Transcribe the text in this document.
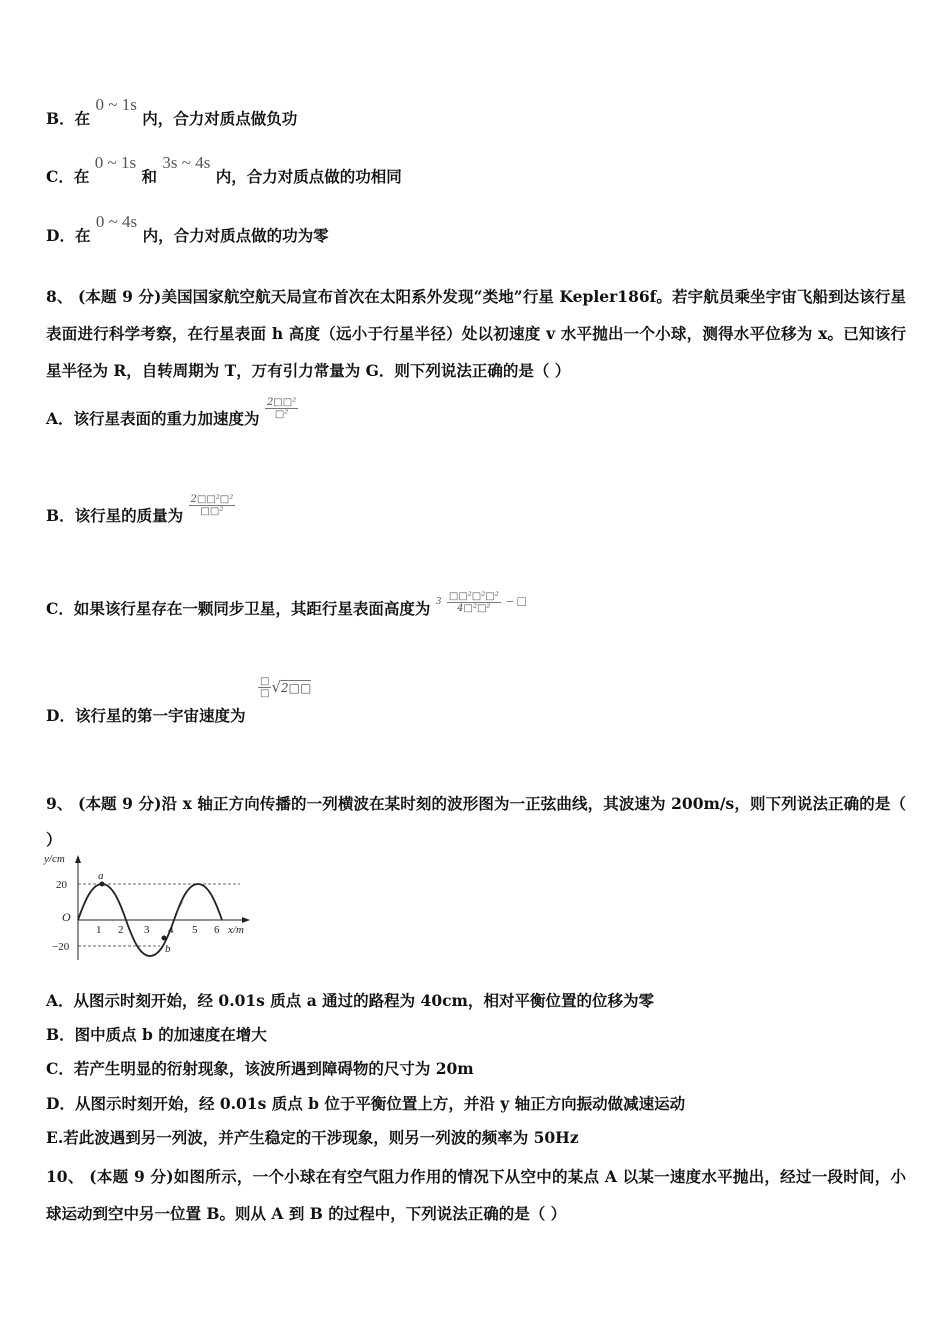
B．在 0 ~ 1s 内，合力对质点做负功
C．在 0 ~ 1s 和 3s ~ 4s 内，合力对质点做的功相同
D．在 0 ~ 4s 内，合力对质点做的功为零
8、 (本题 9 分)美国国家航空航天局宣布首次在太阳系外发现“类地”行星 Kepler186f。若宇航员乘坐宇宙飞船到达该行星表面进行科学考察，在行星表面 h 高度（远小于行星半径）处以初速度 v 水平抛出一个小球，测得水平位移为 x。已知该行星半径为 R，自转周期为 T，万有引力常量为 G．则下列说法正确的是（ ）
A．该行星表面的重力加速度为 $\frac{\text{2□□²}}{\text{□²}}$
B．该行星的质量为 $\frac{\text{2□□²□²}}{\text{□□²}}$
C．如果该行星存在一颗同步卫星，其距行星表面高度为 $3 \frac{\text{□□²□²□²}}{\text{4□²□²}}$ − □
D．该行星的第一宇宙速度为
$\frac{□}{□}$ √2□□
9、 (本题 9 分)沿 x 轴正方向传播的一列横波在某时刻的波形图为一正弦曲线，其波速为 200m/s，则下列说法正确的是（ ）
a
b
y/cm
x/m
O
20
−20
1 2 3 4 5 6
A．从图示时刻开始，经 0.01s 质点 a 通过的路程为 40cm，相对平衡位置的位移为零
B．图中质点 b 的加速度在增大
C．若产生明显的衍射现象，该波所遇到障碍物的尺寸为 20m
D．从图示时刻开始，经 0.01s 质点 b 位于平衡位置上方，并沿 y 轴正方向振动做减速运动
E.若此波遇到另一列波，并产生稳定的干涉现象，则另一列波的频率为 50Hz
10、 (本题 9 分)如图所示，一个小球在有空气阻力作用的情况下从空中的某点 A 以某一速度水平抛出，经过一段时间，小球运动到空中另一位置 B。则从 A 到 B 的过程中，下列说法正确的是（ ）
